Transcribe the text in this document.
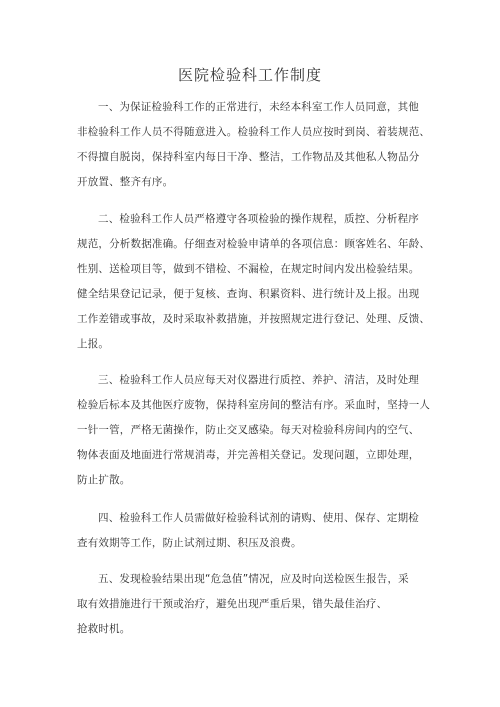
医院检验科工作制度
一、为保证检验科工作的正常进行，未经本科室工作人员同意，其他
非检验科工作人员不得随意进入。检验科工作人员应按时到岗、着装规范、
不得擅自脱岗，保持科室内每日干净、整洁，工作物品及其他私人物品分
开放置、整齐有序。
二、检验科工作人员严格遵守各项检验的操作规程，质控、分析程序
规范，分析数据准确。仔细查对检验申请单的各项信息：顾客姓名、年龄、
性别、送检项目等，做到不错检、不漏检，在规定时间内发出检验结果。
健全结果登记记录，便于复核、查询、积累资料、进行统计及上报。出现
工作差错或事故，及时采取补救措施，并按照规定进行登记、处理、反馈、
上报。
三、检验科工作人员应每天对仪器进行质控、养护、清洁，及时处理
检验后标本及其他医疗废物，保持科室房间的整洁有序。采血时，坚持一人
一针一管，严格无菌操作，防止交叉感染。每天对检验科房间内的空气、
物体表面及地面进行常规消毒，并完善相关登记。发现问题，立即处理，
防止扩散。
四、检验科工作人员需做好检验科试剂的请购、使用、保存、定期检
查有效期等工作，防止试剂过期、积压及浪费。
五、发现检验结果出现“危急值”情况，应及时向送检医生报告，采
取有效措施进行干预或治疗，避免出现严重后果，错失最佳治疗、
抢救时机。
